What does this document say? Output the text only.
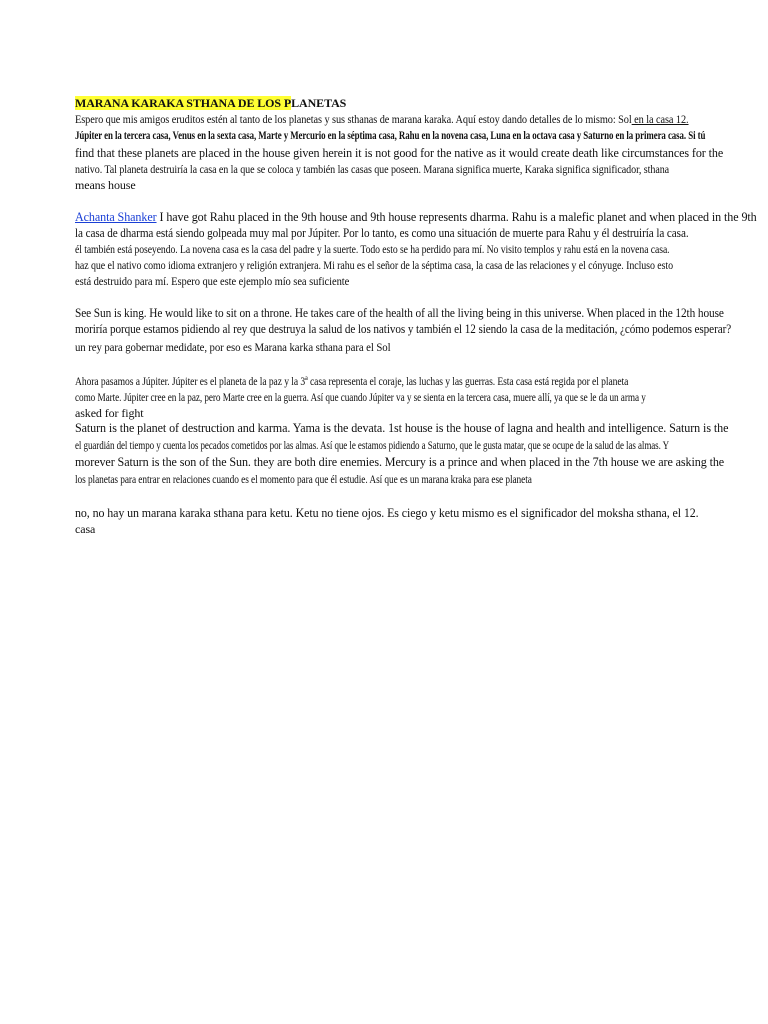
MARANA KARAKA STHANA DE LOS PLANETAS
Espero que mis amigos eruditos estén al tanto de los planetas y sus sthanas de marana karaka. Aquí estoy dando detalles de lo mismo: Sol en la casa 12.
Júpiter en la tercera casa, Venus en la sexta casa, Marte y Mercurio en la séptima casa, Rahu en la novena casa, Luna en la octava casa y Saturno en la primera casa. Si tú
find that these planets are placed in the house given herein it is not good for the native as it would create death like circumstances for the
nativo. Tal planeta destruiría la casa en la que se coloca y también las casas que poseen. Marana significa muerte, Karaka significa significador, sthana
means house
Achanta Shanker I have got Rahu placed in the 9th house and 9th house represents dharma. Rahu is a malefic planet and when placed in the 9th
la casa de dharma está siendo golpeada muy mal por Júpiter. Por lo tanto, es como una situación de muerte para Rahu y él destruiría la casa.
él también está poseyendo. La novena casa es la casa del padre y la suerte. Todo esto se ha perdido para mí. No visito templos y rahu está en la novena casa.
haz que el nativo como idioma extranjero y religión extranjera. Mi rahu es el señor de la séptima casa, la casa de las relaciones y el cónyuge. Incluso esto
está destruido para mí. Espero que este ejemplo mío sea suficiente
See Sun is king. He would like to sit on a throne. He takes care of the health of all the living being in this universe. When placed in the 12th house
moriría porque estamos pidiendo al rey que destruya la salud de los nativos y también el 12 siendo la casa de la meditación, ¿cómo podemos esperar?
un rey para gobernar medidate, por eso es Marana karka sthana para el Sol
Ahora pasamos a Júpiter. Júpiter es el planeta de la paz y la 3ª casa representa el coraje, las luchas y las guerras. Esta casa está regida por el planeta
como Marte. Júpiter cree en la paz, pero Marte cree en la guerra. Así que cuando Júpiter va y se sienta en la tercera casa, muere allí, ya que se le da un arma y
asked for fight
Saturn is the planet of destruction and karma. Yama is the devata. 1st house is the house of lagna and health and intelligence. Saturn is the
el guardián del tiempo y cuenta los pecados cometidos por las almas. Así que le estamos pidiendo a Saturno, que le gusta matar, que se ocupe de la salud de las almas. Y
morever Saturn is the son of the Sun. they are both dire enemies. Mercury is a prince and when placed in the 7th house we are asking the
los planetas para entrar en relaciones cuando es el momento para que él estudie. Así que es un marana kraka para ese planeta
no, no hay un marana karaka sthana para ketu. Ketu no tiene ojos. Es ciego y ketu mismo es el significador del moksha sthana, el 12.
casa
